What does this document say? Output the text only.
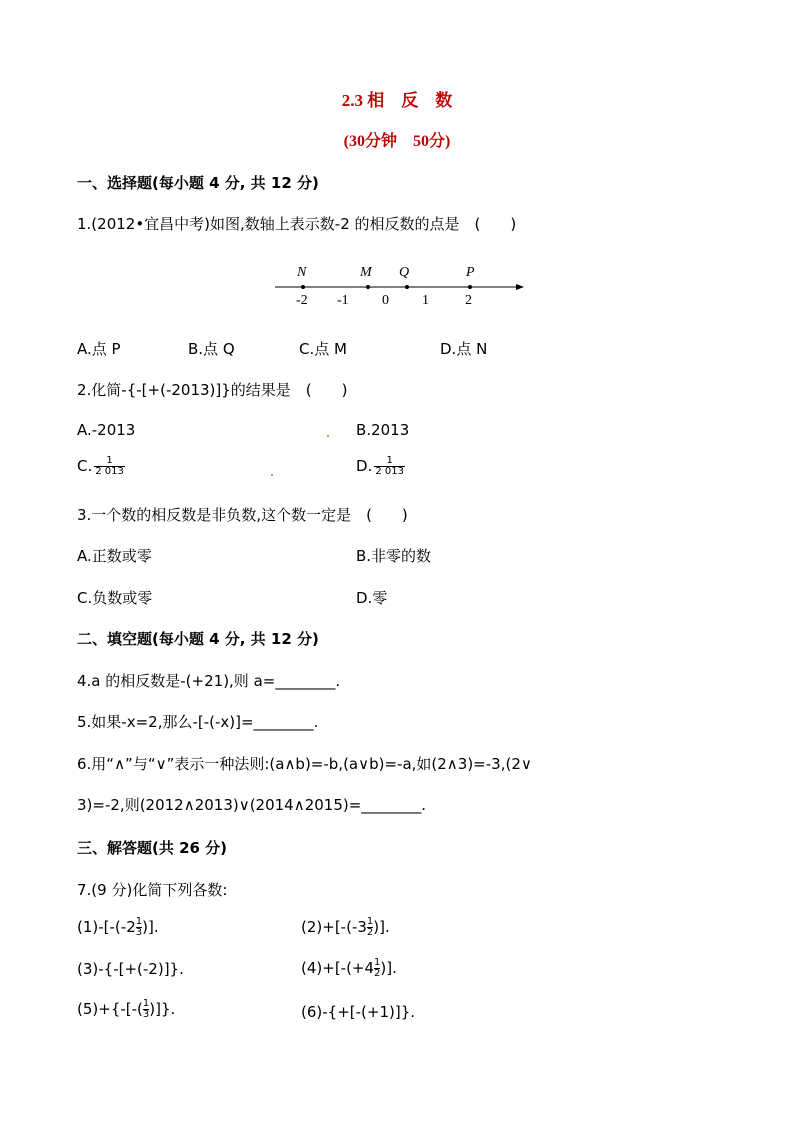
2.3 相　反　数
(30分钟　50分)
一、选择题(每小题 4 分, 共 12 分)
1.(2012•宜昌中考)如图,数轴上表示数-2 的相反数的点是　(　　)
N	M Q	P
-2 -1 0 1	2
A.点 P	B.点 Q	C.点 M	D.点 N
2.化简-{-[+(-2013)]}的结果是　(　　)
A.-2013	B.2013
C. $\frac{1}{2 013}$	D. $\frac{1}{2 013}$
3.一个数的相反数是非负数,这个数一定是　(　　)
A.正数或零	B.非零的数
C.负数或零	D.零
二、填空题(每小题 4 分, 共 12 分)
4.a 的相反数是-(+21),则 a=________.
5.如果-x=2,那么-[-(-x)]=________.
6.用“∧”与“∨”表示一种法则:(a∧b)=-b,(a∨b)=-a,如(2∧3)=-3,(2∨
3)=-2,则(2012∧2013)∨(2014∧2015)=________.
三、解答题(共 26 分)
7.(9 分)化简下列各数:
$(1)-[-(-2 \frac{1}{3}$ )].	$(2)+[-(-3 \frac{1}{2}$ )].
(3)-{-[+(-2)]}.	$(4)+[-(+4 \frac{1}{2}$ )].
$(5)+\{-[-( \frac{1}{3}$ )]}.	(6)-{+[-(+1)]}.
